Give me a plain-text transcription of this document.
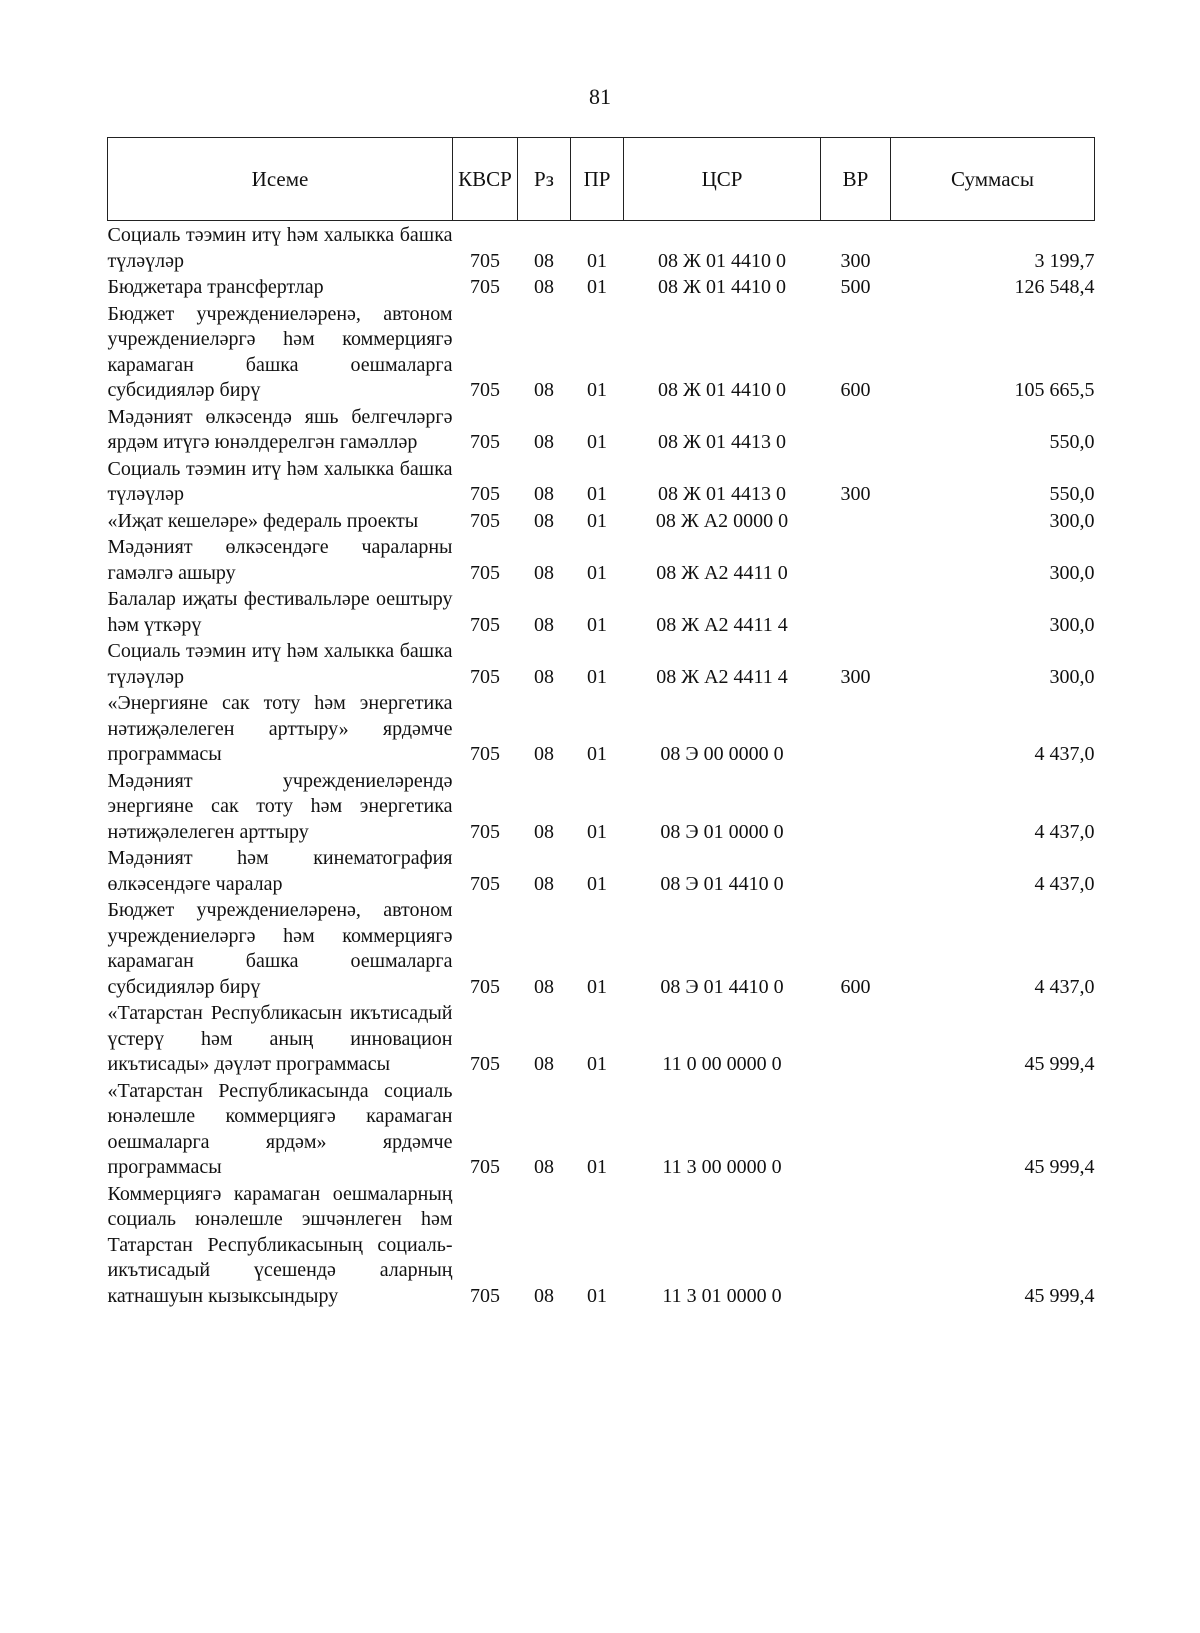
81
Исеме	КВСР	Рз	ПР	ЦСР	ВР	Суммасы
Социаль тәэмин итү һәм халыкка башка түләүләр	705	08	01	08 Ж 01 4410 0	300	3 199,7
Бюджетара трансфертлар	705	08	01	08 Ж 01 4410 0	500	126 548,4
Бюджет учреждениеләренә, автоном учреждениеләргә һәм коммерциягә карамаган башка оешмаларга субсидияләр бирү	705	08	01	08 Ж 01 4410 0	600	105 665,5
Мәдәният өлкәсендә яшь белгечләргә ярдәм итүгә юнәлдерелгән гамәлләр	705	08	01	08 Ж 01 4413 0		550,0
Социаль тәэмин итү һәм халыкка башка түләүләр	705	08	01	08 Ж 01 4413 0	300	550,0
«Иҗат кешеләре» федераль проекты	705	08	01	08 Ж А2 0000 0		300,0
Мәдәният өлкәсендәге чараларны гамәлгә ашыру	705	08	01	08 Ж А2 4411 0		300,0
Балалар иҗаты фестивальләре оештыру һәм үткәрү	705	08	01	08 Ж А2 4411 4		300,0
Социаль тәэмин итү һәм халыкка башка түләүләр	705	08	01	08 Ж А2 4411 4	300	300,0
«Энергияне сак тоту һәм энергетика нәтиҗәлелеген арттыру» ярдәмче программасы	705	08	01	08 Э 00 0000 0		4 437,0
Мәдәният учреждениеләрендә энергияне сак тоту һәм энергетика нәтиҗәлелеген арттыру	705	08	01	08 Э 01 0000 0		4 437,0
Мәдәният һәм кинематография өлкәсендәге чаралар	705	08	01	08 Э 01 4410 0		4 437,0
Бюджет учреждениеләренә, автоном учреждениеләргә һәм коммерциягә карамаган башка оешмаларга субсидияләр бирү	705	08	01	08 Э 01 4410 0	600	4 437,0
«Татарстан Республикасын икътисадый үстерү һәм аның инновацион икътисады» дәүләт программасы	705	08	01	11 0 00 0000 0		45 999,4
«Татарстан Республикасында социаль юнәлешле коммерциягә карамаган оешмаларга ярдәм» ярдәмче программасы	705	08	01	11 3 00 0000 0		45 999,4
Коммерциягә карамаган оешмаларның социаль юнәлешле эшчәнлеген һәм Татарстан Республикасының социаль-икътисадый үсешендә аларның катнашуын кызыксындыру	705	08	01	11 3 01 0000 0		45 999,4
